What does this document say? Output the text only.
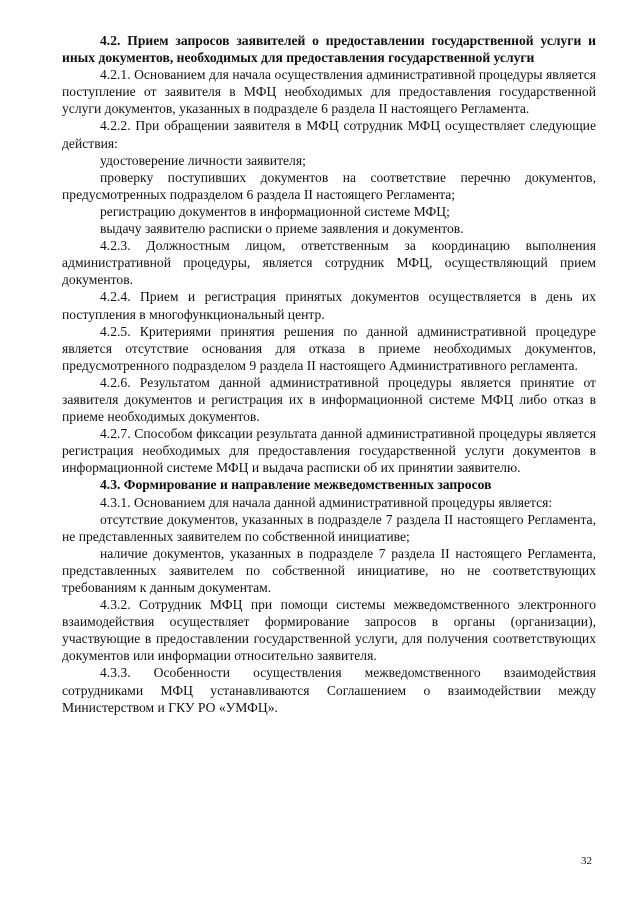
4.2. Прием запросов заявителей о предоставлении государственной услуги и иных документов, необходимых для предоставления государственной услуги

4.2.1. Основанием для начала осуществления административной процедуры является поступление от заявителя в МФЦ необходимых для предоставления государственной услуги документов, указанных в подразделе 6 раздела II настоящего Регламента.

4.2.2. При обращении заявителя в МФЦ сотрудник МФЦ осуществляет следующие действия:

удостоверение личности заявителя;

проверку поступивших документов на соответствие перечню документов, предусмотренных подразделом 6 раздела II настоящего Регламента;

регистрацию документов в информационной системе МФЦ;

выдачу заявителю расписки о приеме заявления и документов.

4.2.3. Должностным лицом, ответственным за координацию выполнения административной процедуры, является сотрудник МФЦ, осуществляющий прием документов.

4.2.4. Прием и регистрация принятых документов осуществляется в день их поступления в многофункциональный центр.

4.2.5. Критериями принятия решения по данной административной процедуре является отсутствие основания для отказа в приеме необходимых документов, предусмотренного подразделом 9 раздела II настоящего Административного регламента.

4.2.6. Результатом данной административной процедуры является принятие от заявителя документов и регистрация их в информационной системе МФЦ либо отказ в приеме необходимых документов.

4.2.7. Способом фиксации результата данной административной процедуры является регистрация необходимых для предоставления государственной услуги документов в информационной системе МФЦ и выдача расписки об их принятии заявителю.

4.3. Формирование и направление межведомственных запросов

4.3.1. Основанием для начала данной административной процедуры является:

отсутствие документов, указанных в подразделе 7 раздела II настоящего Регламента, не представленных заявителем по собственной инициативе;

наличие документов, указанных в подразделе 7 раздела II настоящего Регламента, представленных заявителем по собственной инициативе, но не соответствующих требованиям к данным документам.

4.3.2. Сотрудник МФЦ при помощи системы межведомственного электронного взаимодействия осуществляет формирование запросов в органы (организации), участвующие в предоставлении государственной услуги, для получения соответствующих документов или информации относительно заявителя.

4.3.3. Особенности осуществления межведомственного взаимодействия сотрудниками МФЦ устанавливаются Соглашением о взаимодействии между Министерством и ГКУ РО «УМФЦ».

32
